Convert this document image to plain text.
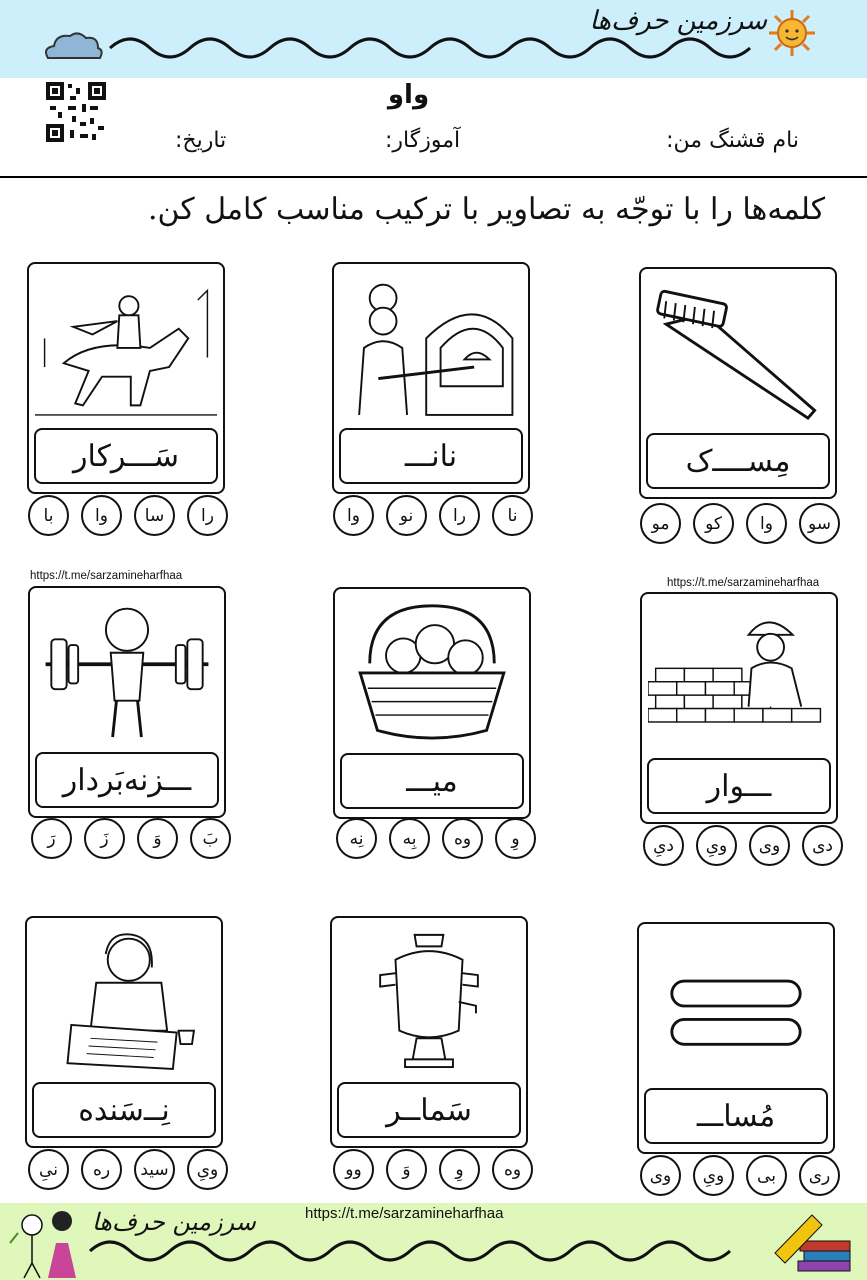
سرزمین حرف‌ها
واو
نام قشنگ من:
آموزگار:
تاریخ:
کلمه‌ها را با توجّه به تصاویر با ترکیب مناسب کامل کن.
مِسـ‌ـ‌ـ‌ـ‌ک
مو	کو	وا	سو
نانـ‌ـ‌ـ
وا	نو	را	نا
سَـ‌ـ‌ـرکار
با	وا	سا	را
https://t.me/sarzamineharfhaa
https://t.me/sarzamineharfhaa
ـ‌ـ‌ـوار
دیِ	ویِ	وی	دی
میـ‌ـ‌ـ
نِه	بِه	وه	وِ
ـ‌ـ‌ـزنه‌بَردار
رَ	زَ	وَ	بَ
مُساـ‌ـ‌ـ
وی	ویِ	بی	ری
سَماـ‌ـر
وو	وَ	وِ	وه
نِـ‌ـ‌سَنده
نیِ	ره	سید	ویِ
سرزمین حرف‌ها	https://t.me/sarzamineharfhaa
